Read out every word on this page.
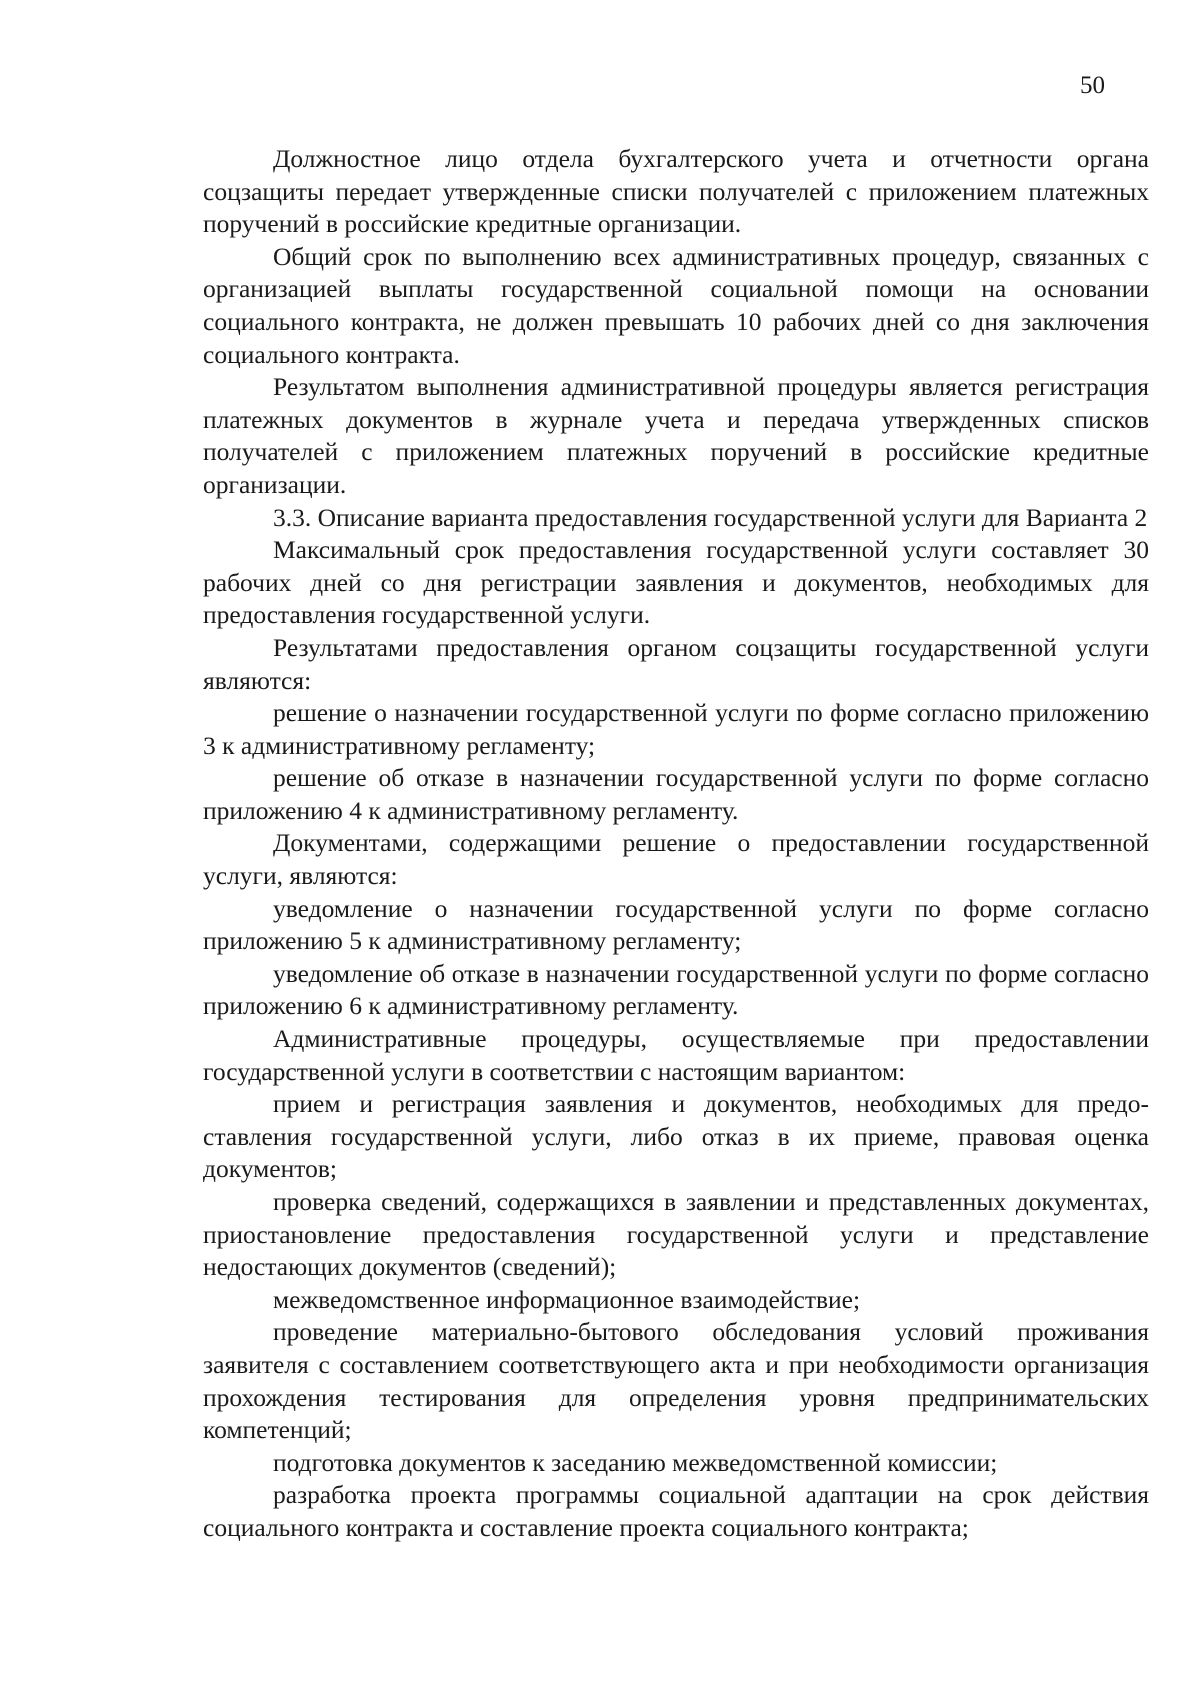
50

Должностное лицо отдела бухгалтерского учета и отчетности органа соцзащиты передает утвержденные списки получателей с приложением платежных поручений в российские кредитные организации.

Общий срок по выполнению всех административных процедур, связанных с организацией выплаты государственной социальной помощи на основании социального контракта, не должен превышать 10 рабочих дней со дня заключения социального контракта.

Результатом выполнения административной процедуры является регистрация платежных документов в журнале учета и передача утвержденных списков получателей с приложением платежных поручений в российские кредитные организации.

3.3. Описание варианта предоставления государственной услуги для Варианта 2

Максимальный срок предоставления государственной услуги составляет 30 рабочих дней со дня регистрации заявления и документов, необходимых для предоставления государственной услуги.

Результатами предоставления органом соцзащиты государственной услуги являются:

решение о назначении государственной услуги по форме согласно приложению 3 к административному регламенту;

решение об отказе в назначении государственной услуги по форме согласно приложению 4 к административному регламенту.

Документами, содержащими решение о предоставлении государственной услуги, являются:

уведомление о назначении государственной услуги по форме согласно приложению 5 к административному регламенту;

уведомление об отказе в назначении государственной услуги по форме согласно приложению 6 к административному регламенту.

Административные процедуры, осуществляемые при предоставлении государственной услуги в соответствии с настоящим вариантом:

прием и регистрация заявления и документов, необходимых для предоставления государственной услуги, либо отказ в их приеме, правовая оценка документов;

проверка сведений, содержащихся в заявлении и представленных документах, приостановление предоставления государственной услуги и представление недостающих документов (сведений);

межведомственное информационное взаимодействие;

проведение материально-бытового обследования условий проживания заявителя с составлением соответствующего акта и при необходимости организация прохождения тестирования для определения уровня предпринимательских компетенций;

подготовка документов к заседанию межведомственной комиссии;

разработка проекта программы социальной адаптации на срок действия социального контракта и составление проекта социального контракта;
